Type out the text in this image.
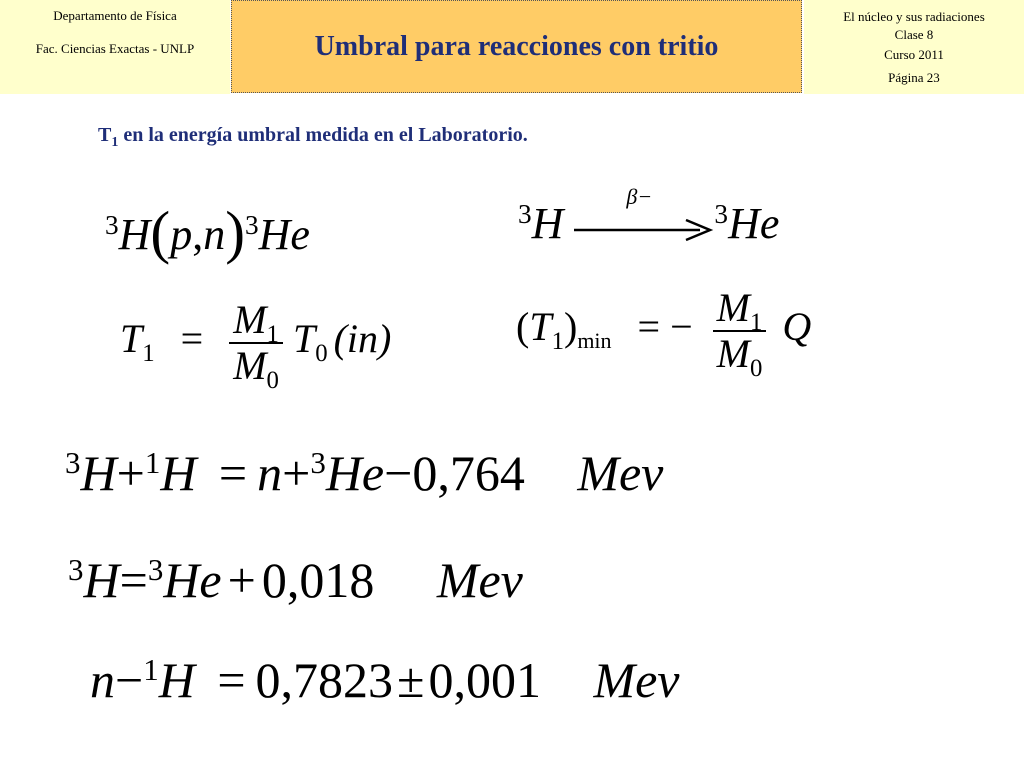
Departamento de Física
Fac. Ciencias Exactas - UNLP	Umbral para reacciones con tritio
El núcleo y sus radiaciones
Clase 8
Curso 2011
Página 23
$T_1$ en la energía umbral medida en el Laboratorio.
$^3H(p,n)^3He$	$^3$H
β−
$^3$He
$T_1 = \frac{M_1}{M_0} T_0$ (in)	$(T_1)\min$ = − $\frac{M_1}{M_0}$ Q
$^3$H+$^1$H = n+$^3$He−0,764 Mev
$^3$H=$^3$He + 0,018 Mev
n−$^1$H = 0,7823±0,001 Mev
